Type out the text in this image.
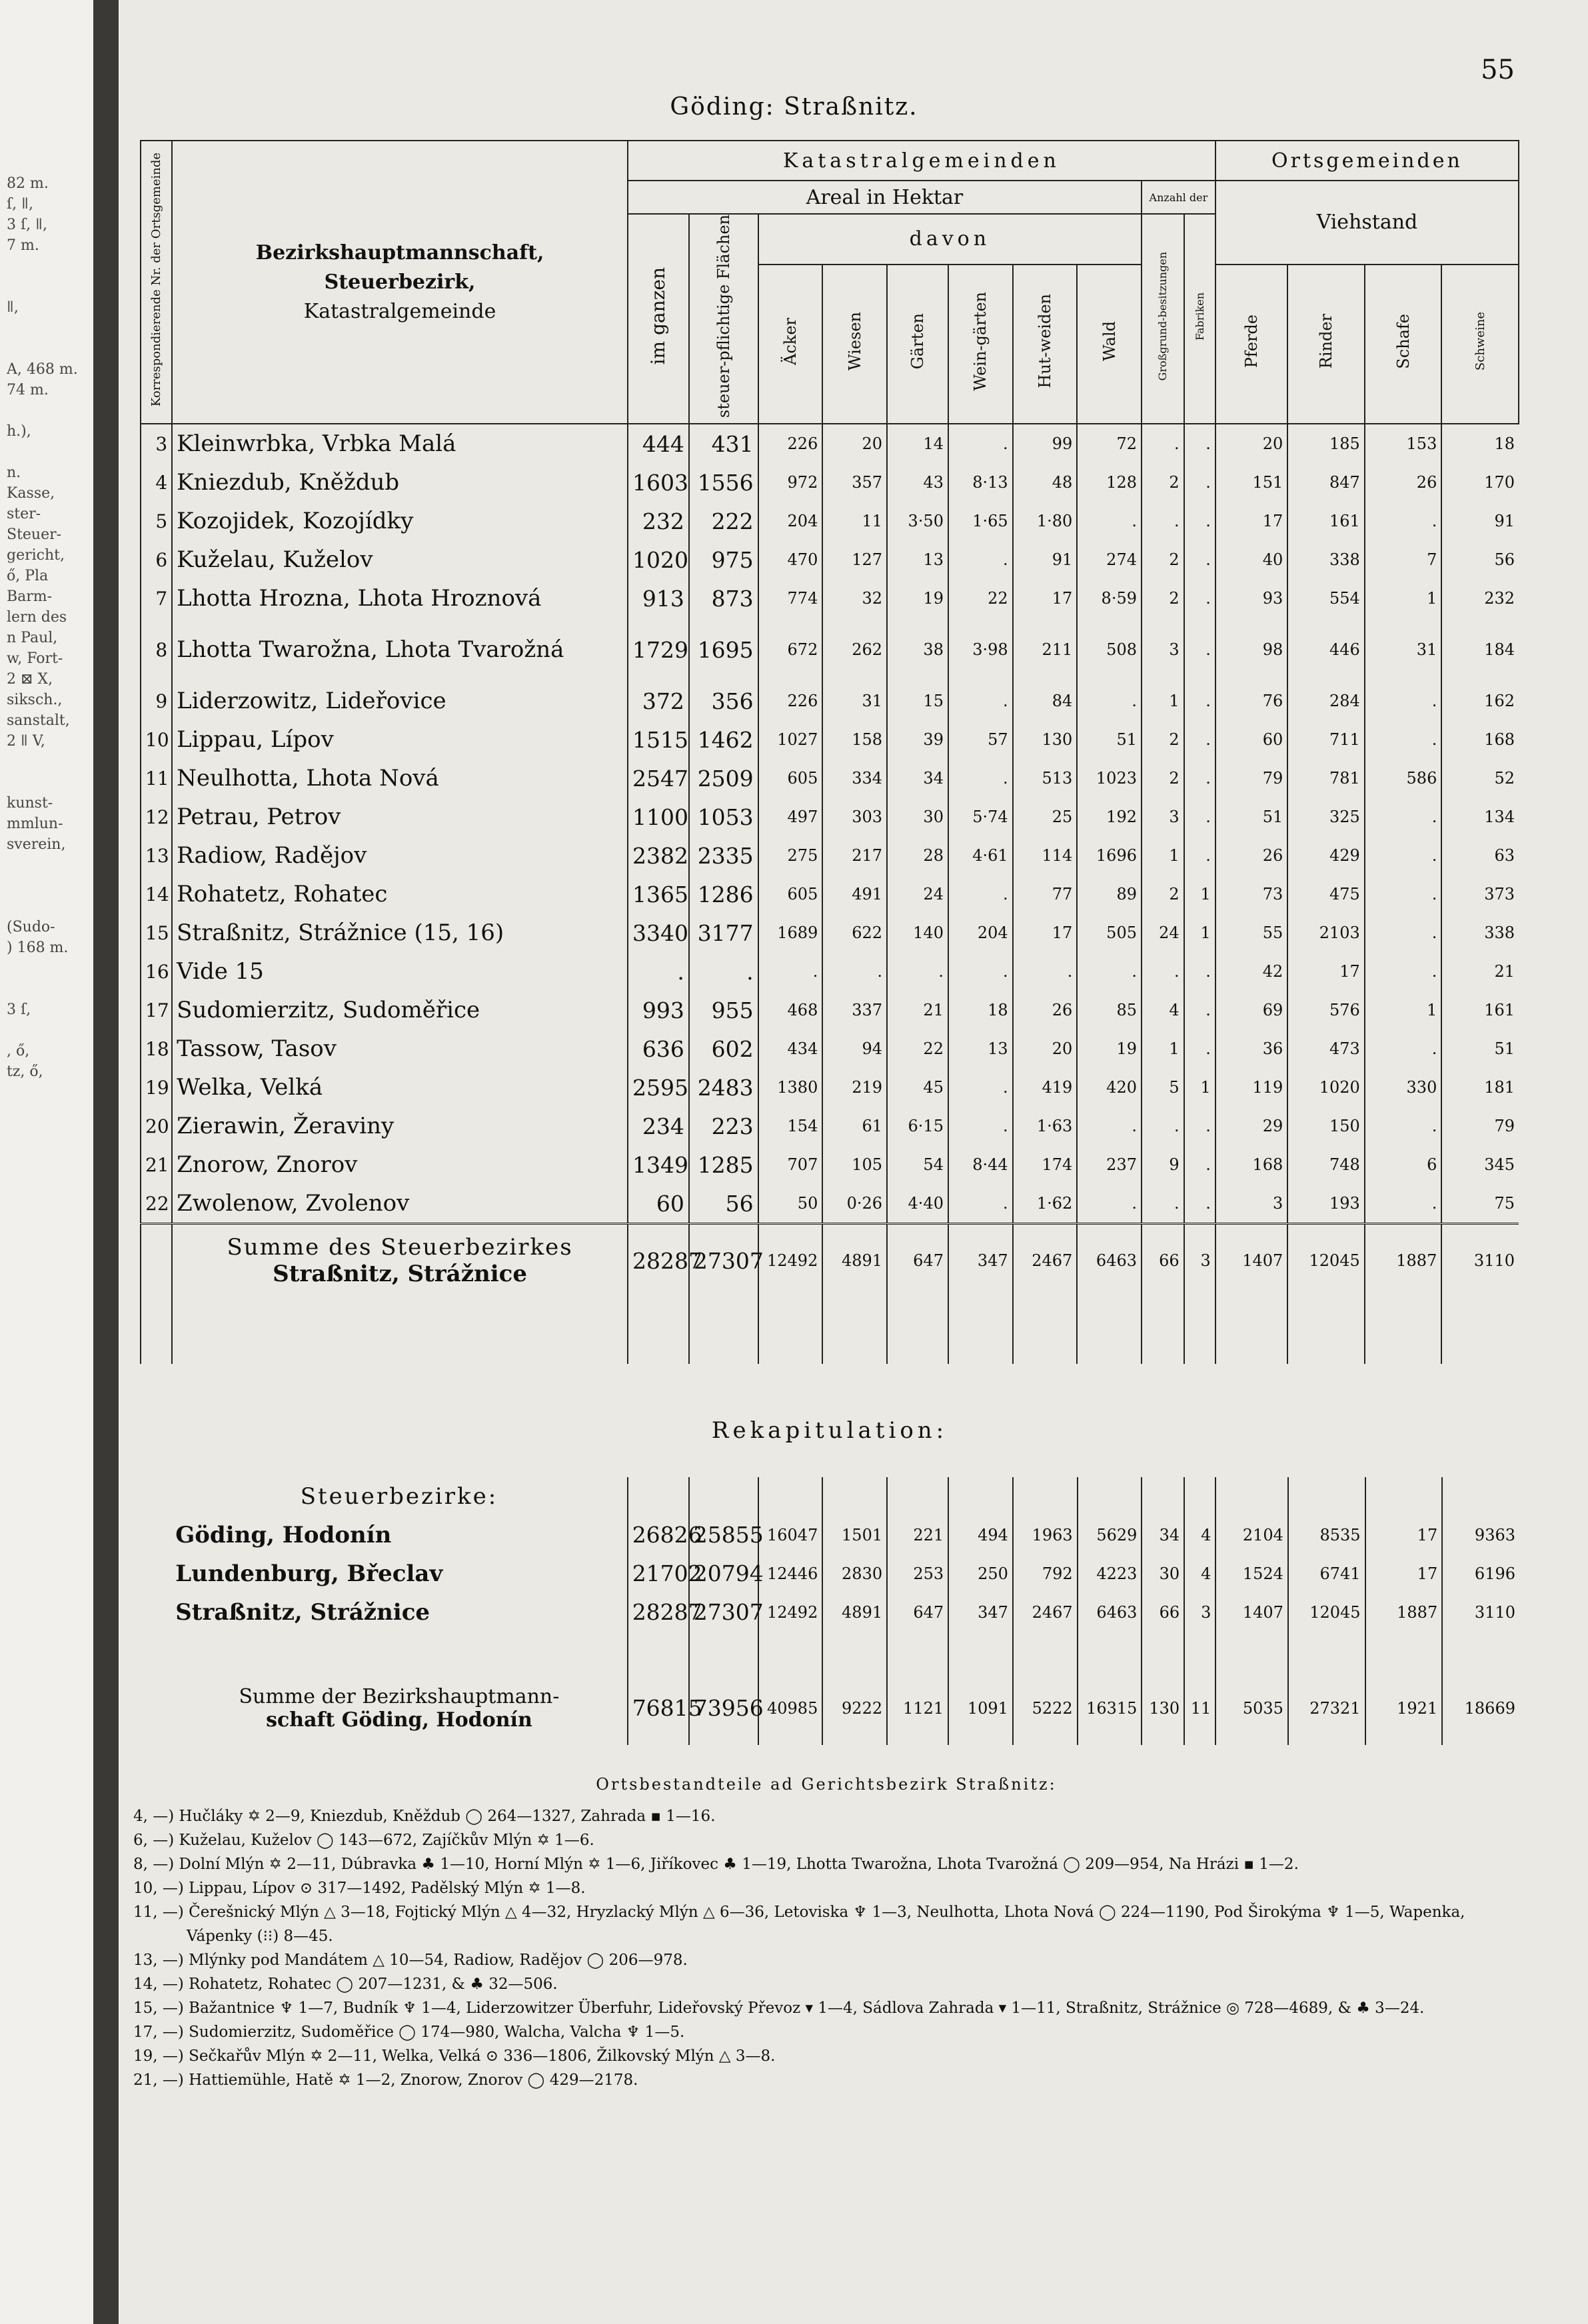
82 m.
ſ, ǁ,
3 ſ, ǁ,
7 m.
ǁ,
A, 468 m.
74 m.
h.),
n.
Kasse,
ster-
Steuer-
gericht,
ő, Pla
Barm-
lern des
n Paul,
w, Fort-
2 ⊠ X,
siksch.,
sanstalt,
2 ǁ V,
kunst-
mmlun-
sverein,
(Sudo-
) 168 m.
3 ſ,
, ő,
tz, ő,
55
Göding: Straßnitz.
Korrespondierende Nr. der Ortsgemeinde	Bezirkshauptmannschaft,
Steuerbezirk,
Katastralgemeinde	Katastralgemeinden										Ortsgemeinden			
		Areal in Hektar								Anzahl der		Viehstand			
		im ganzen	steuer-pflichtige Flächen	davon						Großgrund-besitzungen	Fabriken				
				Äcker	Wiesen	Gärten	Wein-gärten	Hut-weiden	Wald			Pferde	Rinder	Schafe	Schweine
3	Kleinwrbka, Vrbka Malá	444	431	226	20	14	.	99	72	.	.	20	185	153	18
4	Kniezdub, Kněždub	1603	1556	972	357	43	8·13	48	128	2	.	151	847	26	170
5	Kozojidek, Kozojídky	232	222	204	11	3·50	1·65	1·80	.	.	.	17	161	.	91
6	Kuželau, Kuželov	1020	975	470	127	13	.	91	274	2	.	40	338	7	56
7	Lhotta Hrozna, Lhota Hroznová	913	873	774	32	19	22	17	8·59	2	.	93	554	1	232
8	Lhotta Twarožna, Lhota Tvarožná	1729	1695	672	262	38	3·98	211	508	3	.	98	446	31	184
9	Liderzowitz, Lideřovice	372	356	226	31	15	.	84	.	1	.	76	284	.	162
10	Lippau, Lípov	1515	1462	1027	158	39	57	130	51	2	.	60	711	.	168
11	Neulhotta, Lhota Nová	2547	2509	605	334	34	.	513	1023	2	.	79	781	586	52
12	Petrau, Petrov	1100	1053	497	303	30	5·74	25	192	3	.	51	325	.	134
13	Radiow, Radějov	2382	2335	275	217	28	4·61	114	1696	1	.	26	429	.	63
14	Rohatetz, Rohatec	1365	1286	605	491	24	.	77	89	2	1	73	475	.	373
15	Straßnitz, Strážnice (15, 16)	3340	3177	1689	622	140	204	17	505	24	1	55	2103	.	338
16	Vide 15	.	.	.	.	.	.	.	.	.	.	42	17	.	21
17	Sudomierzitz, Sudoměřice	993	955	468	337	21	18	26	85	4	.	69	576	1	161
18	Tassow, Tasov	636	602	434	94	22	13	20	19	1	.	36	473	.	51
19	Welka, Velká	2595	2483	1380	219	45	.	419	420	5	1	119	1020	330	181
20	Zierawin, Žeraviny	234	223	154	61	6·15	.	1·63	.	.	.	29	150	.	79
21	Znorow, Znorov	1349	1285	707	105	54	8·44	174	237	9	.	168	748	6	345
22	Zwolenow, Zvolenov	60	56	50	0·26	4·40	.	1·62	.	.	.	3	193	.	75

	Summe des Steuerbezirkes
Straßnitz, Strážnice	28287	27307	12492	4891	647	347	2467	6463	66	3	1407	12045	1887	3110

Rekapitulation:
	Steuerbezirke:														
	Göding, Hodonín	26826	25855	16047	1501	221	494	1963	5629	34	4	2104	8535	17	9363
	Lundenburg, Břeclav	21702	20794	12446	2830	253	250	792	4223	30	4	1524	6741	17	6196
	Straßnitz, Strážnice	28287	27307	12492	4891	647	347	2467	6463	66	3	1407	12045	1887	3110

	Summe der Bezirkshauptmann-
schaft Göding, Hodonín	76815	73956	40985	9222	1121	1091	5222	16315	130	11	5035	27321	1921	18669
Ortsbestandteile ad Gerichtsbezirk Straßnitz:
4, —) Hučláky ✡ 2—9, Kniezdub, Kněždub ◯ 264—1327, Zahrada ▪ 1—16.
6, —) Kuželau, Kuželov ◯ 143—672, Zajíčkův Mlýn ✡ 1—6.
8, —) Dolní Mlýn ✡ 2—11, Dúbravka ♣ 1—10, Horní Mlýn ✡ 1—6, Jiříkovec ♣ 1—19, Lhotta Twarožna, Lhota Tvarožná ◯ 209—954, Na Hrázi ▪ 1—2.
10, —) Lippau, Lípov ⊙ 317—1492, Padělský Mlýn ✡ 1—8.
11, —) Čerešnický Mlýn △ 3—18, Fojtický Mlýn △ 4—32, Hryzlacký Mlýn △ 6—36, Letoviska ♆ 1—3, Neulhotta, Lhota Nová ◯ 224—1190, Pod Širokýma ♆ 1—5, Wapenka, Vápenky (⁝⁝) 8—45.
13, —) Mlýnky pod Mandátem △ 10—54, Radiow, Radějov ◯ 206—978.
14, —) Rohatetz, Rohatec ◯ 207—1231, & ♣ 32—506.
15, —) Bažantnice ♆ 1—7, Budník ♆ 1—4, Liderzowitzer Überfuhr, Lideřovský Převoz ▾ 1—4, Sádlova Zahrada ▾ 1—11, Straßnitz, Strážnice ◎ 728—4689, & ♣ 3—24.
17, —) Sudomierzitz, Sudoměřice ◯ 174—980, Walcha, Valcha ♆ 1—5.
19, —) Sečkařův Mlýn ✡ 2—11, Welka, Velká ⊙ 336—1806, Žilkovský Mlýn △ 3—8.
21, —) Hattiemühle, Hatě ✡ 1—2, Znorow, Znorov ◯ 429—2178.
